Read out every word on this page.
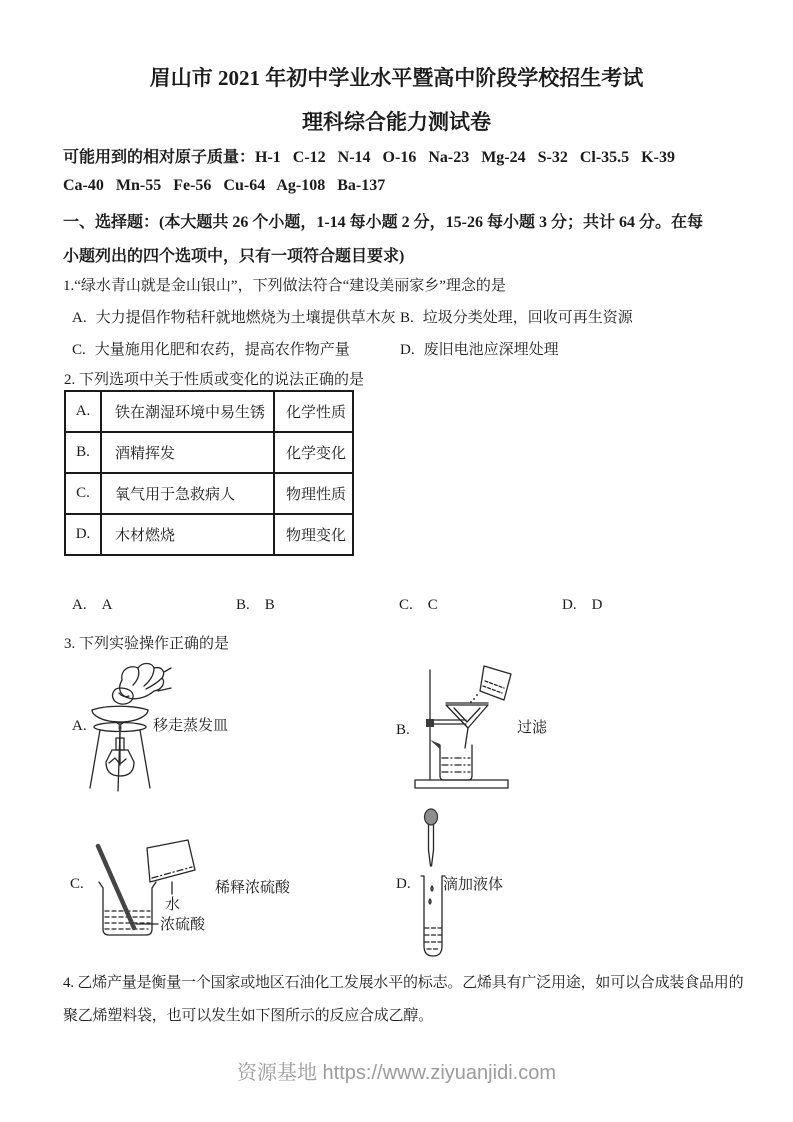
眉山市 2021 年初中学业水平暨高中阶段学校招生考试
理科综合能力测试卷
可能用到的相对原子质量：H-1   C-12   N-14   O-16   Na-23   Mg-24   S-32   Cl-35.5   K-39
Ca-40   Mn-55   Fe-56   Cu-64   Ag-108   Ba-137
一、选择题：(本大题共 26 个小题，1-14 每小题 2 分，15-26 每小题 3 分；共计 64 分。在每
小题列出的四个选项中，只有一项符合题目要求)
1.“绿水青山就是金山银山”，下列做法符合“建设美丽家乡”理念的是
A. 大力提倡作物秸秆就地燃烧为土壤提供草木灰 B. 垃圾分类处理，回收可再生资源
C. 大量施用化肥和农药，提高农作物产量	D. 废旧电池应深埋处理
2. 下列选项中关于性质或变化的说法正确的是
A.	铁在潮湿环境中易生锈	化学性质
B.	酒精挥发	化学变化
C.	氧气用于急救病人	物理性质
D.	木材燃烧	物理变化
A. A	B. B	C. C	D. D
3. 下列实验操作正确的是
A.	移走蒸发皿	B.	过滤
C.
水
浓硫酸
稀释浓硫酸	D. 滴加液体
4. 乙烯产量是衡量一个国家或地区石油化工发展水平的标志。乙烯具有广泛用途，如可以合成装食品用的
聚乙烯塑料袋，也可以发生如下图所示的反应合成乙醇。
资源基地 https://www.ziyuanjidi.com
